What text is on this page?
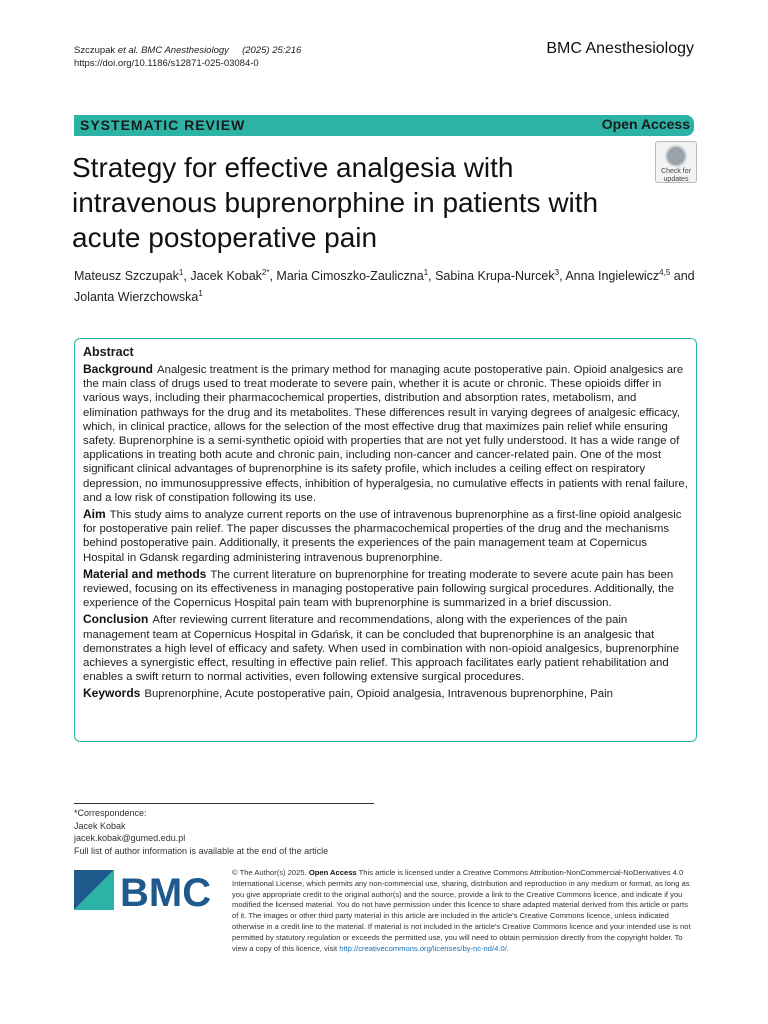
Szczupak et al. BMC Anesthesiology (2025) 25:216
https://doi.org/10.1186/s12871-025-03084-0
BMC Anesthesiology
SYSTEMATIC REVIEW	Open Access
Strategy for effective analgesia with intravenous buprenorphine in patients with acute postoperative pain
Check for
updates
Mateusz Szczupak$^1$, Jacek Kobak$^{2*}$, Maria Cimoszko-Zauliczna$^1$, Sabina Krupa-Nurcek$^3$, Anna Ingielewicz$^{4,5}$ and
Jolanta Wierzchowska$^1$
Abstract
Background Analgesic treatment is the primary method for managing acute postoperative pain. Opioid analgesics are the main class of drugs used to treat moderate to severe pain, whether it is acute or chronic. These opioids differ in various ways, including their pharmacochemical properties, distribution and absorption rates, metabolism, and elimination pathways for the drug and its metabolites. These differences result in varying degrees of analgesic efficacy, which, in clinical practice, allows for the selection of the most effective drug that maximizes pain relief while ensuring safety. Buprenorphine is a semi-synthetic opioid with properties that are not yet fully understood. It has a wide range of applications in treating both acute and chronic pain, including non-cancer and cancer-related pain. One of the most significant clinical advantages of buprenorphine is its safety profile, which includes a ceiling effect on respiratory depression, no immunosuppressive effects, inhibition of hyperalgesia, no cumulative effects in patients with renal failure, and a low risk of constipation following its use.
Aim This study aims to analyze current reports on the use of intravenous buprenorphine as a first-line opioid analgesic for postoperative pain relief. The paper discusses the pharmacochemical properties of the drug and the mechanisms behind postoperative pain. Additionally, it presents the experiences of the pain management team at Copernicus Hospital in Gdansk regarding administering intravenous buprenorphine.
Material and methods The current literature on buprenorphine for treating moderate to severe acute pain has been reviewed, focusing on its effectiveness in managing postoperative pain following surgical procedures. Additionally, the experience of the Copernicus Hospital pain team with buprenorphine is summarized in a brief discussion.
Conclusion After reviewing current literature and recommendations, along with the experiences of the pain management team at Copernicus Hospital in Gdańsk, it can be concluded that buprenorphine is an analgesic that demonstrates a high level of efficacy and safety. When used in combination with non-opioid analgesics, buprenorphine achieves a synergistic effect, resulting in effective pain relief. This approach facilitates early patient rehabilitation and enables a swift return to normal activities, even following extensive surgical procedures.
Keywords Buprenorphine, Acute postoperative pain, Opioid analgesia, Intravenous buprenorphine, Pain
*Correspondence:
Jacek Kobak
jacek.kobak@gumed.edu.pl
Full list of author information is available at the end of the article
BMC	© The Author(s) 2025. Open Access This article is licensed under a Creative Commons Attribution-NonCommercial-NoDerivatives 4.0 International License, which permits any non-commercial use, sharing, distribution and reproduction in any medium or format, as long as you give appropriate credit to the original author(s) and the source, provide a link to the Creative Commons licence, and indicate if you modified the licensed material. You do not have permission under this licence to share adapted material derived from this article or parts of it. The images or other third party material in this article are included in the article's Creative Commons licence, unless indicated otherwise in a credit line to the material. If material is not included in the article's Creative Commons licence and your intended use is not permitted by statutory regulation or exceeds the permitted use, you will need to obtain permission directly from the copyright holder. To view a copy of this licence, visit http://creativecommons.org/licenses/by-nc-nd/4.0/.
